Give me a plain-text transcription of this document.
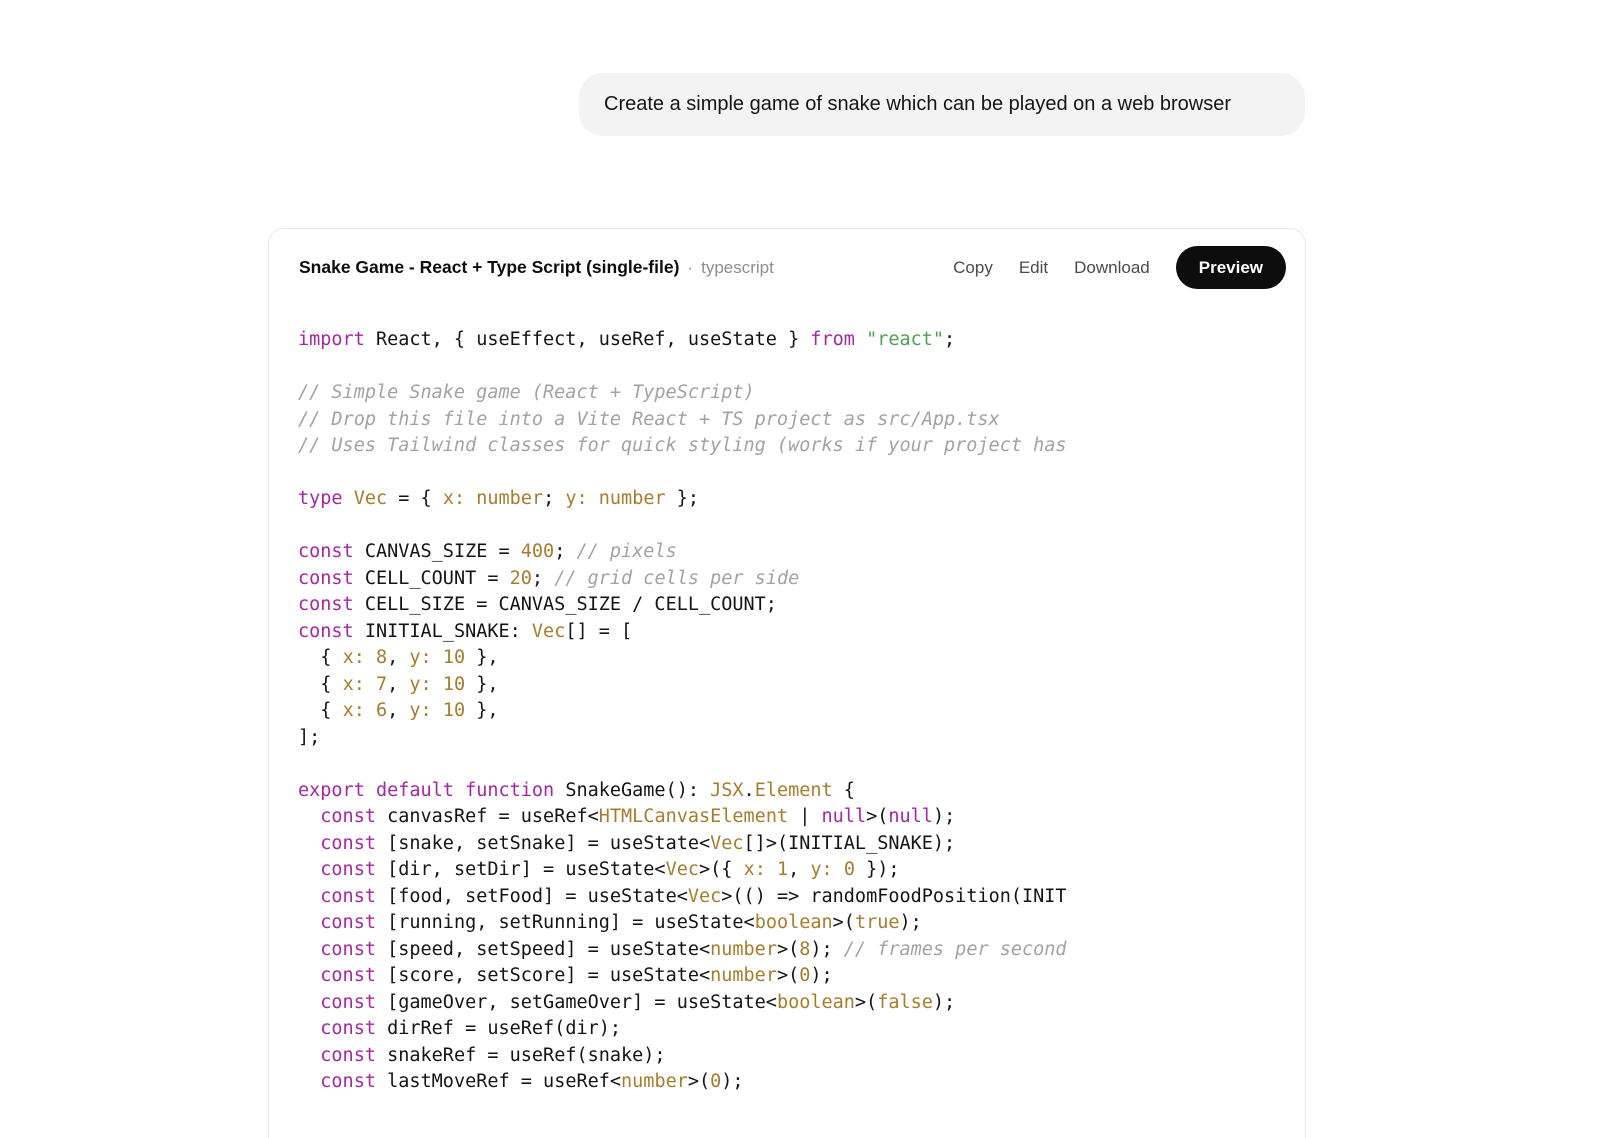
Create a simple game of snake which can be played on a web browser
Snake Game - React + Type Script (single-file) · typescript	Copy Edit Download	Preview
import React, { useEffect, useRef, useState } from "react";
// Simple Snake game (React + TypeScript)
// Drop this file into a Vite React + TS project as src/App.tsx
// Uses Tailwind classes for quick styling (works if your project has
type Vec = { x: number; y: number };
const CANVAS_SIZE = 400; // pixels
const CELL_COUNT = 20; // grid cells per side
const CELL_SIZE = CANVAS_SIZE / CELL_COUNT;
const INITIAL_SNAKE: Vec[] = [
{ x: 8, y: 10 },
{ x: 7, y: 10 },
{ x: 6, y: 10 },
];
export default function SnakeGame(): JSX.Element {
const canvasRef = useRef<HTMLCanvasElement | null>(null);
const [snake, setSnake] = useState<Vec[]>(INITIAL_SNAKE);
const [dir, setDir] = useState<Vec>({ x: 1, y: 0 });
const [food, setFood] = useState<Vec>(() => randomFoodPosition(INIT
const [running, setRunning] = useState<boolean>(true);
const [speed, setSpeed] = useState<number>(8); // frames per second
const [score, setScore] = useState<number>(0);
const [gameOver, setGameOver] = useState<boolean>(false);
const dirRef = useRef(dir);
const snakeRef = useRef(snake);
const lastMoveRef = useRef<number>(0);
